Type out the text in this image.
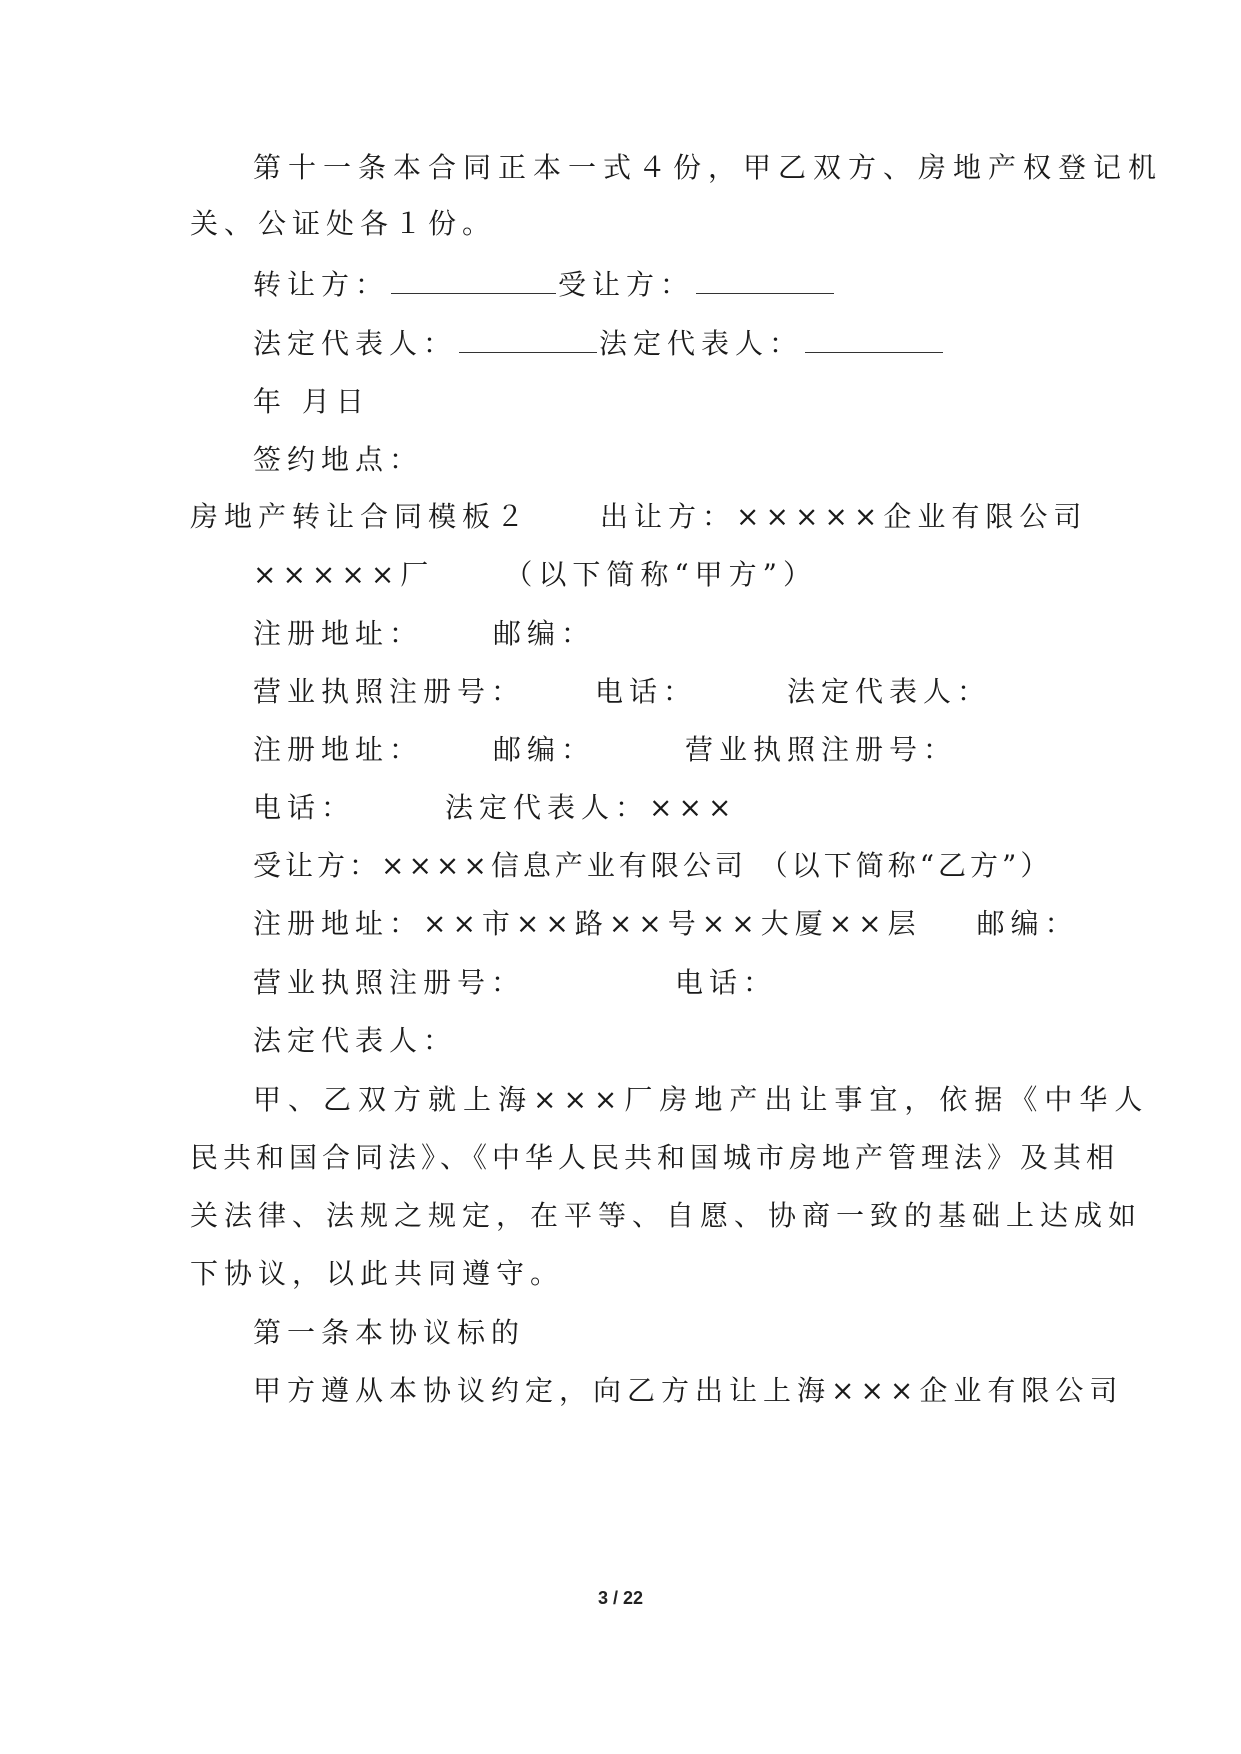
第十一条本合同正本一式４份，甲乙双方、房地产权登记机
关、公证处各１份。
转让方：	受让方：
法定代表人：	法定代表人：
年 月日
签约地点：
房地产转让合同模板２	出让方：×××××企业有限公司
×××××厂	（以下简称“甲方”）
注册地址：	邮编：
营业执照注册号：	电话：	法定代表人：
注册地址：	邮编：	营业执照注册号：
电话：	法定代表人：×××
受让方：××××信息产业有限公司 （以下简称“乙方”）
注册地址：××市××路××号××大厦××层 邮编：
营业执照注册号：	电话：
法定代表人：
甲、乙双方就上海×××厂房地产出让事宜，依据《中华人
民共和国合同法》、《中华人民共和国城市房地产管理法》及其相
关法律、法规之规定，在平等、自愿、协商一致的基础上达成如
下协议，以此共同遵守。
第一条本协议标的
甲方遵从本协议约定，向乙方出让上海×××企业有限公司
3 / 22
